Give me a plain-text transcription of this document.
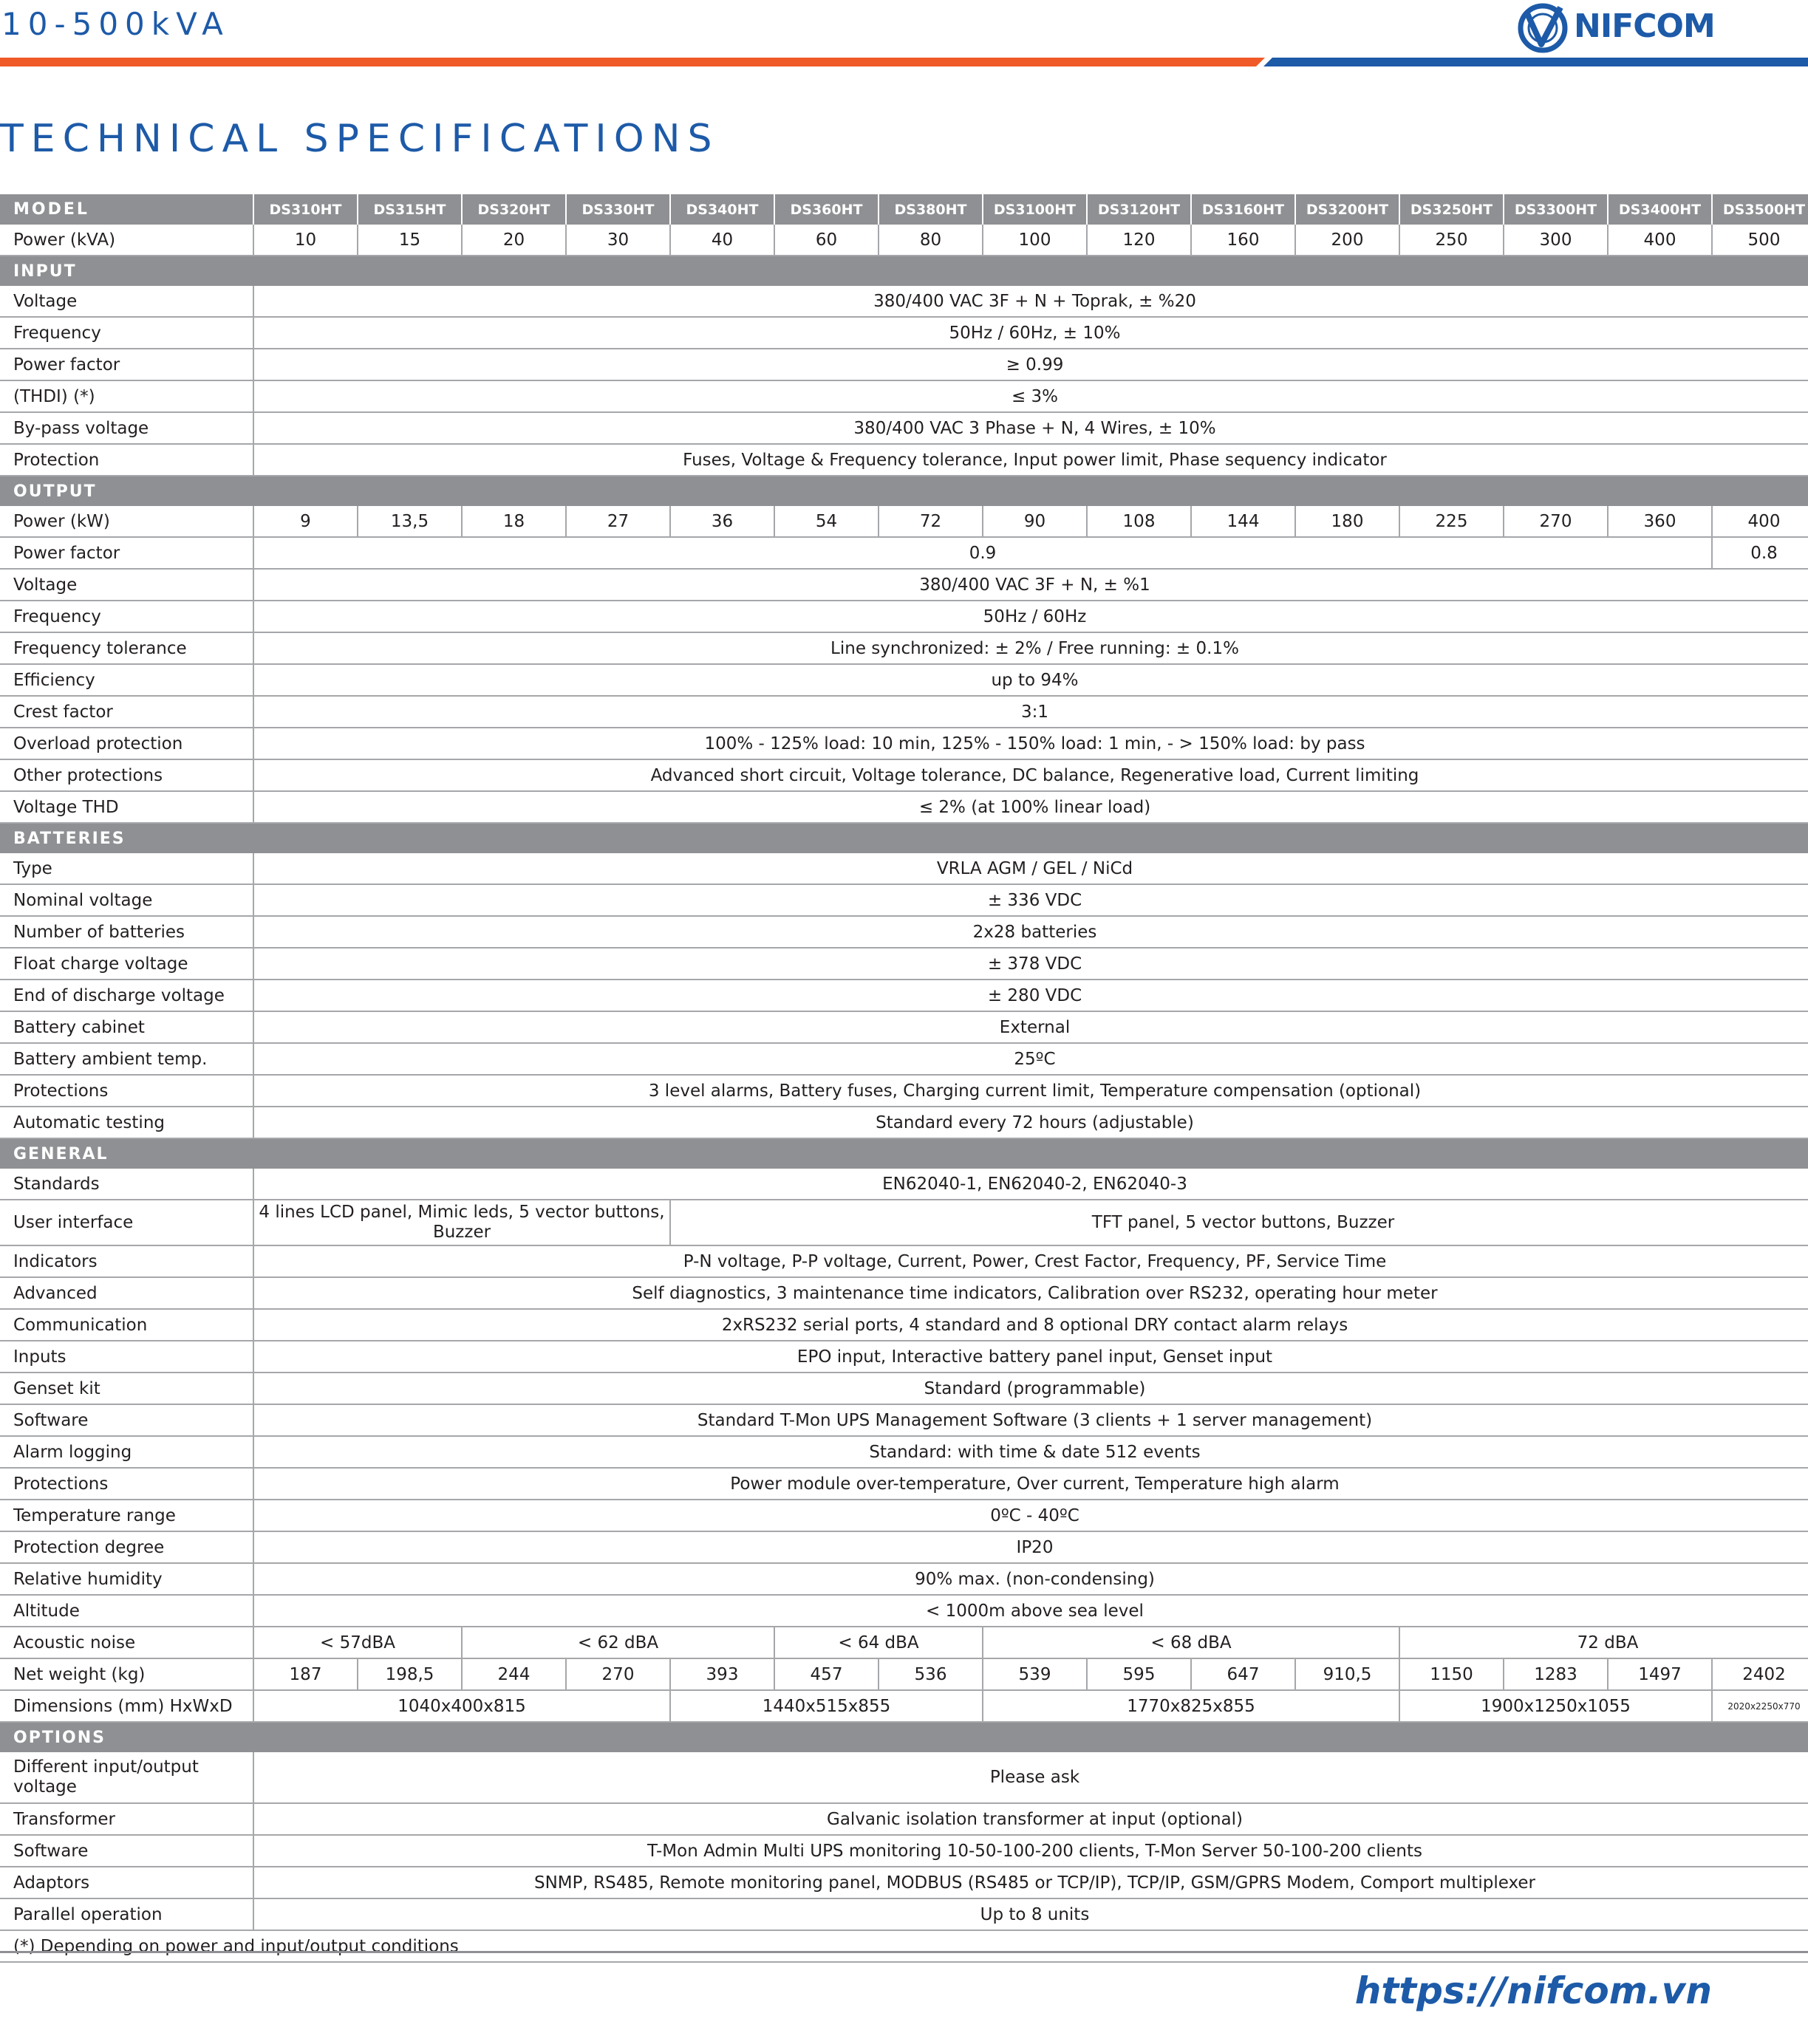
10-500kVA	NIFCOM
TECHNICAL SPECIFICATIONS
MODEL	DS310HT	DS315HT	DS320HT	DS330HT	DS340HT	DS360HT	DS380HT	DS3100HT	DS3120HT	DS3160HT	DS3200HT	DS3250HT	DS3300HT	DS3400HT	DS3500HT
Power (kVA)	10	15	20	30	40	60	80	100	120	160	200	250	300	400	500
INPUT															
Voltage	380/400 VAC 3F + N + Toprak, ± %20														
Frequency	50Hz / 60Hz, ± 10%														
Power factor	≥ 0.99														
(THDI) (*)	≤ 3%														
By-pass voltage	380/400 VAC 3 Phase + N, 4 Wires, ± 10%														
Protection	Fuses, Voltage & Frequency tolerance, Input power limit, Phase sequency indicator														
OUTPUT															
Power (kW)	9	13,5	18	27	36	54	72	90	108	144	180	225	270	360	400
Power factor	0.9														0.8
Voltage	380/400 VAC 3F + N, ± %1														
Frequency	50Hz / 60Hz														
Frequency tolerance	Line synchronized: ± 2% / Free running: ± 0.1%														
Efficiency	up to 94%														
Crest factor	3:1														
Overload protection	100% - 125% load: 10 min, 125% - 150% load: 1 min, - > 150% load: by pass														
Other protections	Advanced short circuit, Voltage tolerance, DC balance, Regenerative load, Current limiting														
Voltage THD	≤ 2% (at 100% linear load)														
BATTERIES															
Type	VRLA AGM / GEL / NiCd														
Nominal voltage	± 336 VDC														
Number of batteries	2x28 batteries														
Float charge voltage	± 378 VDC														
End of discharge voltage	± 280 VDC														
Battery cabinet	External														
Battery ambient temp.	25ºC														
Protections	3 level alarms, Battery fuses, Charging current limit, Temperature compensation (optional)														
Automatic testing	Standard every 72 hours (adjustable)														
GENERAL															
Standards	EN62040-1, EN62040-2, EN62040-3														
User interface	4 lines LCD panel, Mimic leds, 5 vector buttons, Buzzer				TFT panel, 5 vector buttons, Buzzer										
Indicators	P-N voltage, P-P voltage, Current, Power, Crest Factor, Frequency, PF, Service Time														
Advanced	Self diagnostics, 3 maintenance time indicators, Calibration over RS232, operating hour meter														
Communication	2xRS232 serial ports, 4 standard and 8 optional DRY contact alarm relays														
Inputs	EPO input, Interactive battery panel input, Genset input														
Genset kit	Standard (programmable)														
Software	Standard T-Mon UPS Management Software (3 clients + 1 server management)														
Alarm logging	Standard: with time & date 512 events														
Protections	Power module over-temperature, Over current, Temperature high alarm														
Temperature range	0ºC - 40ºC														
Protection degree	IP20														
Relative humidity	90% max. (non-condensing)														
Altitude	< 1000m above sea level														
Acoustic noise	< 57dBA		< 62 dBA			< 64 dBA		< 68 dBA				72 dBA			
Net weight (kg)	187	198,5	244	270	393	457	536	539	595	647	910,5	1150	1283	1497	2402
Dimensions (mm) HxWxD	1040x400x815				1440x515x855			1770x825x855				1900x1250x1055			2020x2250x770
OPTIONS															
Different input/output voltage	Please ask														
Transformer	Galvanic isolation transformer at input (optional)														
Software	T-Mon Admin Multi UPS monitoring 10-50-100-200 clients, T-Mon Server 50-100-200 clients														
Adaptors	SNMP, RS485, Remote monitoring panel, MODBUS (RS485 or TCP/IP), TCP/IP, GSM/GPRS Modem, Comport multiplexer														
Parallel operation	Up to 8 units														
(*) Depending on power and input/output conditions															
https://nifcom.vn
